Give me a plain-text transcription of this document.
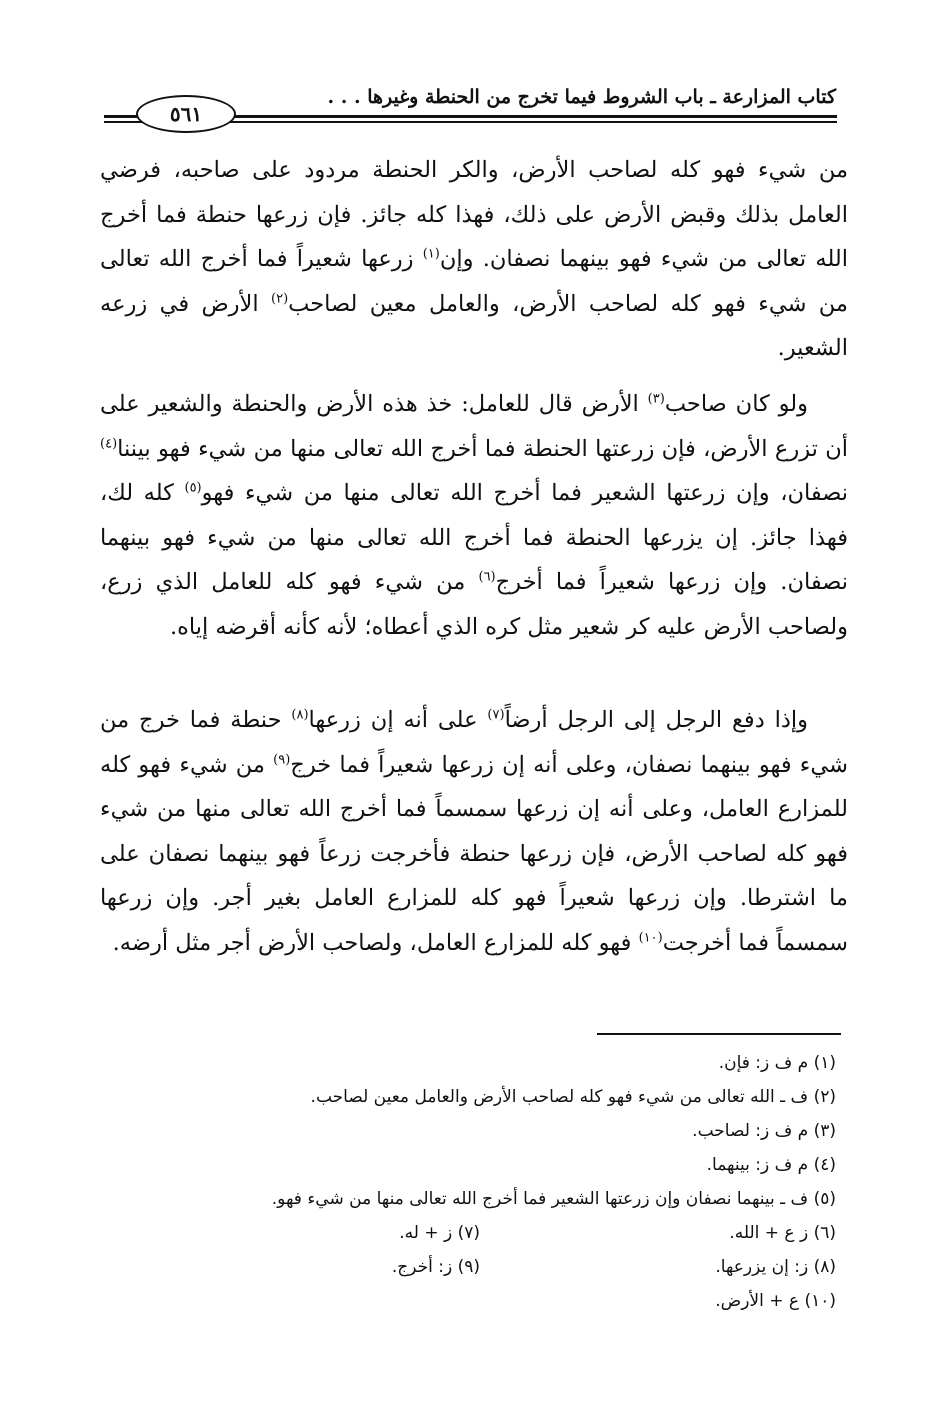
كتاب المزارعة ـ باب الشروط فيما تخرج من الحنطة وغيرها . . .
٥٦١

من شيء فهو كله لصاحب الأرض، والكر الحنطة مردود على صاحبه، فرضي العامل بذلك وقبض الأرض على ذلك، فهذا كله جائز. فإن زرعها حنطة فما أخرج الله تعالى من شيء فهو بينهما نصفان. وإن$^{(١)}$ زرعها شعيراً فما أخرج الله تعالى من شيء فهو كله لصاحب الأرض، والعامل معين لصاحب$^{(٢)}$ الأرض في زرعه الشعير.

ولو كان صاحب$^{(٣)}$ الأرض قال للعامل: خذ هذه الأرض والحنطة والشعير على أن تزرع الأرض، فإن زرعتها الحنطة فما أخرج الله تعالى منها من شيء فهو بيننا$^{(٤)}$ نصفان، وإن زرعتها الشعير فما أخرج الله تعالى منها من شيء فهو$^{(٥)}$ كله لك، فهذا جائز. إن يزرعها الحنطة فما أخرج الله تعالى منها من شيء فهو بينهما نصفان. وإن زرعها شعيراً فما أخرج$^{(٦)}$ من شيء فهو كله للعامل الذي زرع، ولصاحب الأرض عليه كر شعير مثل كره الذي أعطاه؛ لأنه كأنه أقرضه إياه.

وإذا دفع الرجل إلى الرجل أرضاً$^{(٧)}$ على أنه إن زرعها$^{(٨)}$ حنطة فما خرج من شيء فهو بينهما نصفان، وعلى أنه إن زرعها شعيراً فما خرج$^{(٩)}$ من شيء فهو كله للمزارع العامل، وعلى أنه إن زرعها سمسماً فما أخرج الله تعالى منها من شيء فهو كله لصاحب الأرض، فإن زرعها حنطة فأخرجت زرعاً فهو بينهما نصفان على ما اشترطا. وإن زرعها شعيراً فهو كله للمزارع العامل بغير أجر. وإن زرعها سمسماً فما أخرجت$^{(١٠)}$ فهو كله للمزارع العامل، ولصاحب الأرض أجر مثل أرضه.

(١) م ف ز: فإن.
(٢) ف ـ الله تعالى من شيء فهو كله لصاحب الأرض والعامل معين لصاحب.
(٣) م ف ز: لصاحب.
(٤) م ف ز: بينهما.
(٥) ف ـ بينهما نصفان وإن زرعتها الشعير فما أخرج الله تعالى منها من شيء فهو.
(٦) ز ع + الله.
(٧) ز + له.
(٨) ز: إن يزرعها.
(٩) ز: أخرج.
(١٠) ع + الأرض.
